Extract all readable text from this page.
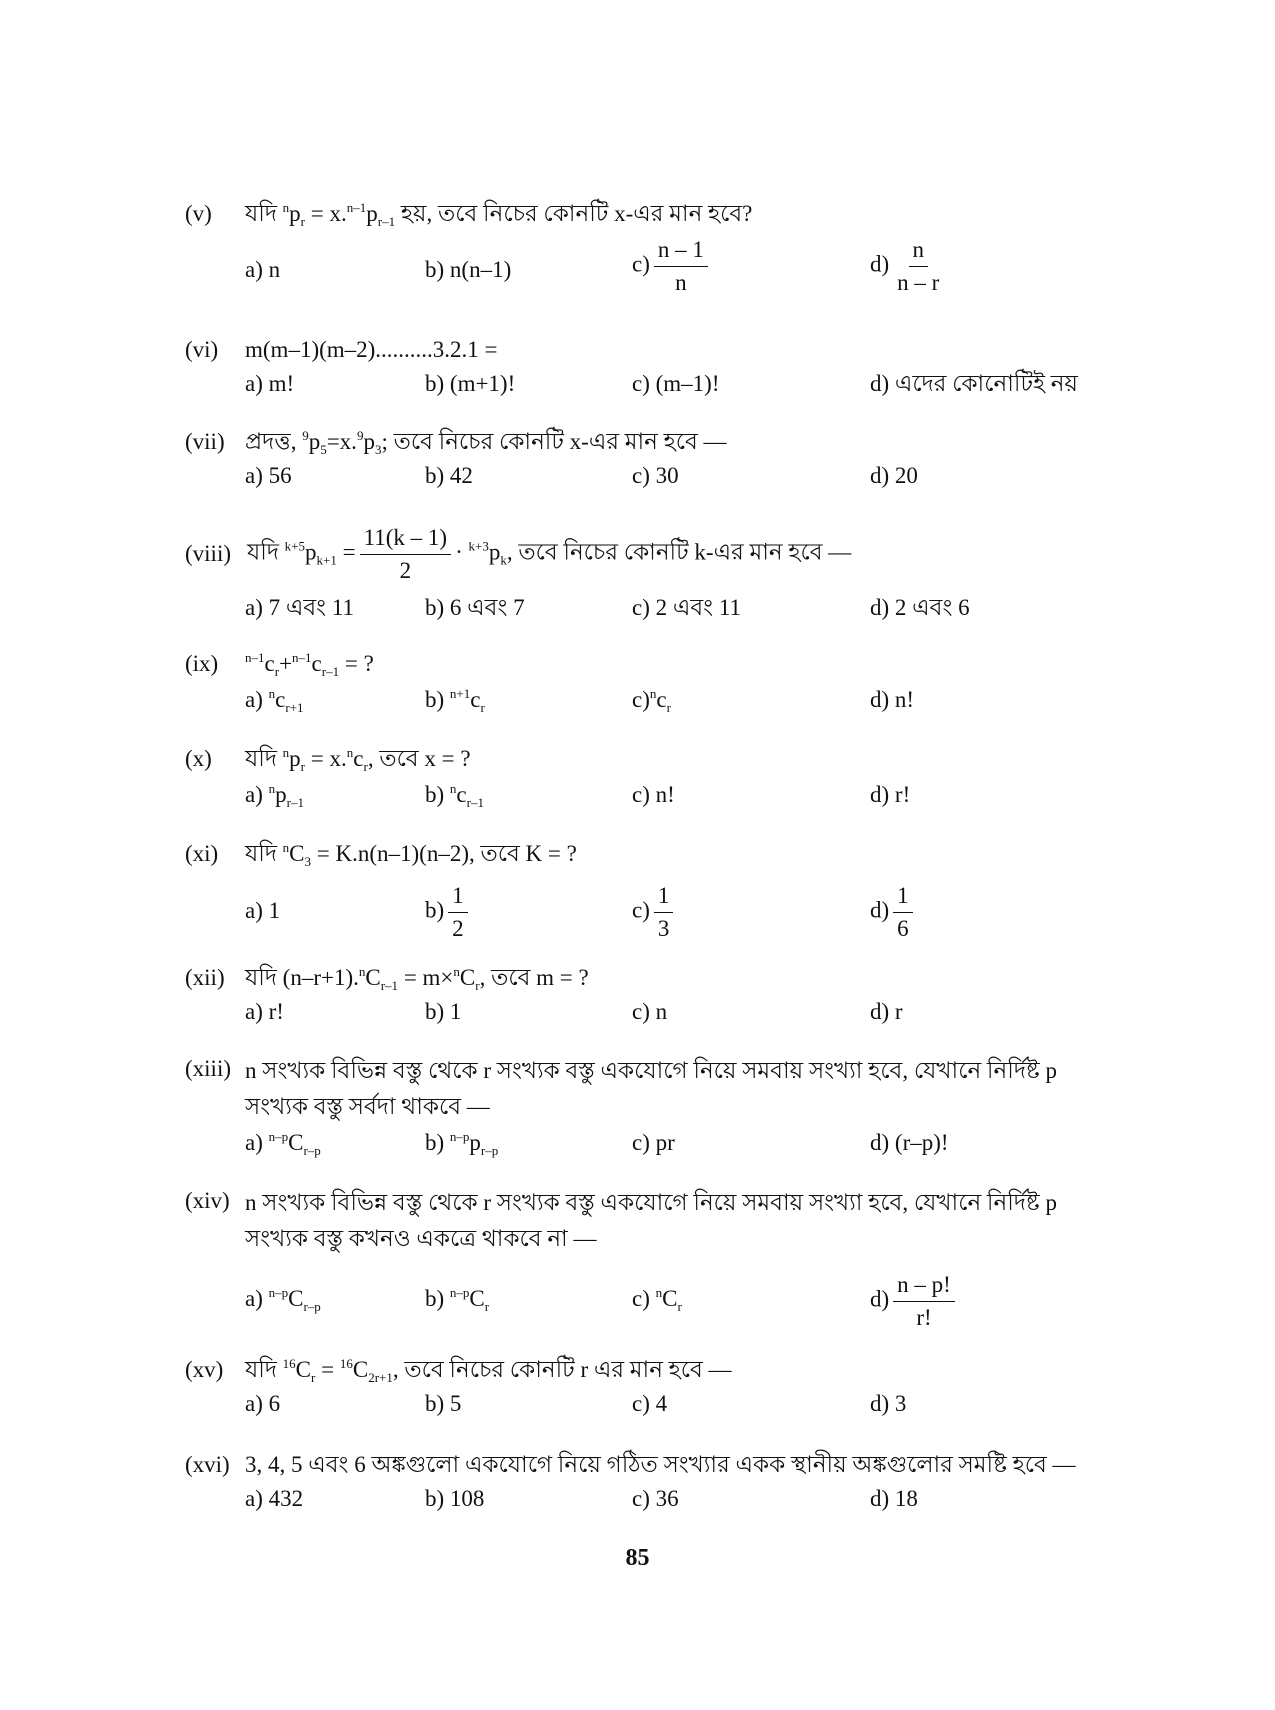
(v) যদি $^np_r = x.^{n-1}p_{r-1}$ হয়, তবে নিচের কোনটি x-এর মান হবে?
a) n	b) n(n–1)	$c) \frac{n - 1}{n}$	$d) \frac{n}{n - r}$
(vi) m(m–1)(m–2)..........3.2.1 =
a) m!	b) (m+1)!	c) (m–1)!	d) এদের কোনোটিই নয়
(vii) প্রদত্ত, $^9p_5=x.^9p_3$; তবে নিচের কোনটি x-এর মান হবে —
a) 56	b) 42	c) 30	d) 20
(viii) যদি $^{k+5}p_{k+1} = \frac{11(k - 1)}{2} \cdot ^{k+3}p_k$, তবে নিচের কোনটি k-এর মান হবে —
a) 7 এবং 11	b) 6 এবং 7	c) 2 এবং 11	d) 2 এবং 6
(ix) $^{n-1}c_r+^{n-1}c_{r-1}$ = ?
a) $^nc_{r+1}$	b) $^{n+1}c_r$	$c)^nc_r$	d) n!
(x) যদি $^np_r = x.^nc_r$, তবে x = ?
a) $^np_{r-1}$	b) $^nc_{r-1}$	c) n!	d) r!
(xi) যদি $^nC_3 = K.n(n-1)(n-2)$, তবে K = ?
a) 1	$b) \frac{1}{2}$	$c) \frac{1}{3}$	$d) \frac{1}{6}$
(xii) যদি $(n-r+1).^nC_{r-1} = m\times^nC_r$, তবে m = ?
a) r!	b) 1	c) n	d) r
(xiii) n সংখ্যক বিভিন্ন বস্তু থেকে r সংখ্যক বস্তু একযোগে নিয়ে সমবায় সংখ্যা হবে, যেখানে নির্দিষ্ট p সংখ্যক বস্তু সর্বদা থাকবে —
a) $^{n-p}C_{r-p}$	b) $^{n-p}p_{r-p}$	c) pr	d) (r–p)!
(xiv) n সংখ্যক বিভিন্ন বস্তু থেকে r সংখ্যক বস্তু একযোগে নিয়ে সমবায় সংখ্যা হবে, যেখানে নির্দিষ্ট p সংখ্যক বস্তু কখনও একত্রে থাকবে না —
a) $^{n-p}C_{r-p}$	b) $^{n-p}C_r$	c) $^nC_r$	$d) \frac{n - p!}{r!}$
(xv) যদি $^{16}C_r = ^{16}C_{2r+1}$, তবে নিচের কোনটি r এর মান হবে —
a) 6	b) 5	c) 4	d) 3
(xvi) 3, 4, 5 এবং 6 অঙ্কগুলো একযোগে নিয়ে গঠিত সংখ্যার একক স্থানীয় অঙ্কগুলোর সমষ্টি হবে —
a) 432	b) 108	c) 36	d) 18
85
